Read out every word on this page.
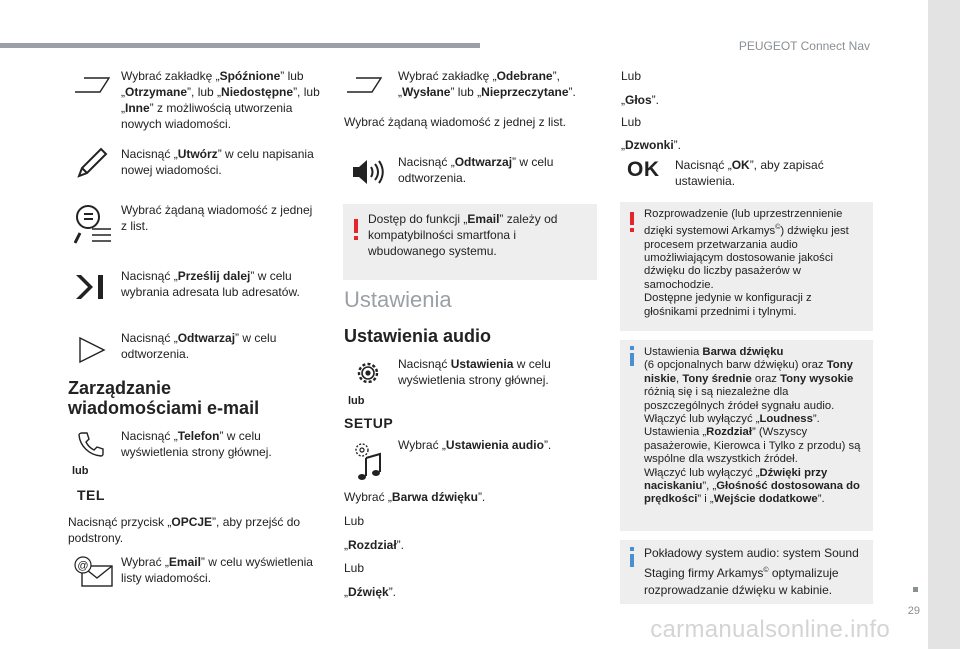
PEUGEOT Connect Nav
29
carmanualsonline.info
Wybrać zakładkę „Spóźnione” lub „Otrzymane”, lub „Niedostępne”, lub „Inne” z możliwością utworzenia nowych wiadomości.
Nacisnąć „Utwórz” w celu napisania nowej wiadomości.
Wybrać żądaną wiadomość z jednej z list.
Nacisnąć „Prześlij dalej” w celu wybrania adresata lub adresatów.
Nacisnąć „Odtwarzaj” w celu odtworzenia.
Zarządzanie
wiadomościami e-mail
lub
TEL
Nacisnąć „Telefon” w celu wyświetlenia strony głównej.
Nacisnąć przycisk „OPCJE”, aby przejść do podstrony.
@	Wybrać „Email” w celu wyświetlenia listy wiadomości.
Wybrać zakładkę „Odebrane”, „Wysłane” lub „Nieprzeczytane”.
Wybrać żądaną wiadomość z jednej z list.
Nacisnąć „Odtwarzaj” w celu odtworzenia.
Dostęp do funkcji „Email” zależy od kompatybilności smartfona i wbudowanego systemu.
Ustawienia
Ustawienia audio
lub
SETUP
Nacisnąć Ustawienia w celu wyświetlenia strony głównej.
Wybrać „Ustawienia audio”.
Wybrać „Barwa dźwięku”.
Lub
„Rozdział”.
Lub
„Dźwięk”.
Lub
„Głos”.
Lub
„Dzwonki”.
OK Nacisnąć „OK”, aby zapisać ustawienia.
Rozprowadzenie (lub uprzestrzennienie dzięki systemowi Arkamys©) dźwięku jest procesem przetwarzania audio umożliwiającym dostosowanie jakości dźwięku do liczby pasażerów w samochodzie.
Dostępne jedynie w konfiguracji z głośnikami przednimi i tylnymi.
Ustawienia Barwa dźwięku
(6 opcjonalnych barw dźwięku) oraz Tony niskie, Tony średnie oraz Tony wysokie różnią się i są niezależne dla poszczególnych źródeł sygnału audio.
Włączyć lub wyłączyć „Loudness”.
Ustawienia „Rozdział” (Wszyscy pasażerowie, Kierowca i Tylko z przodu) są wspólne dla wszystkich źródeł.
Włączyć lub wyłączyć „Dźwięki przy naciskaniu”, „Głośność dostosowana do prędkości” i „Wejście dodatkowe”.
Pokładowy system audio: system Sound Staging firmy Arkamys© optymalizuje rozprowadzanie dźwięku w kabinie.
